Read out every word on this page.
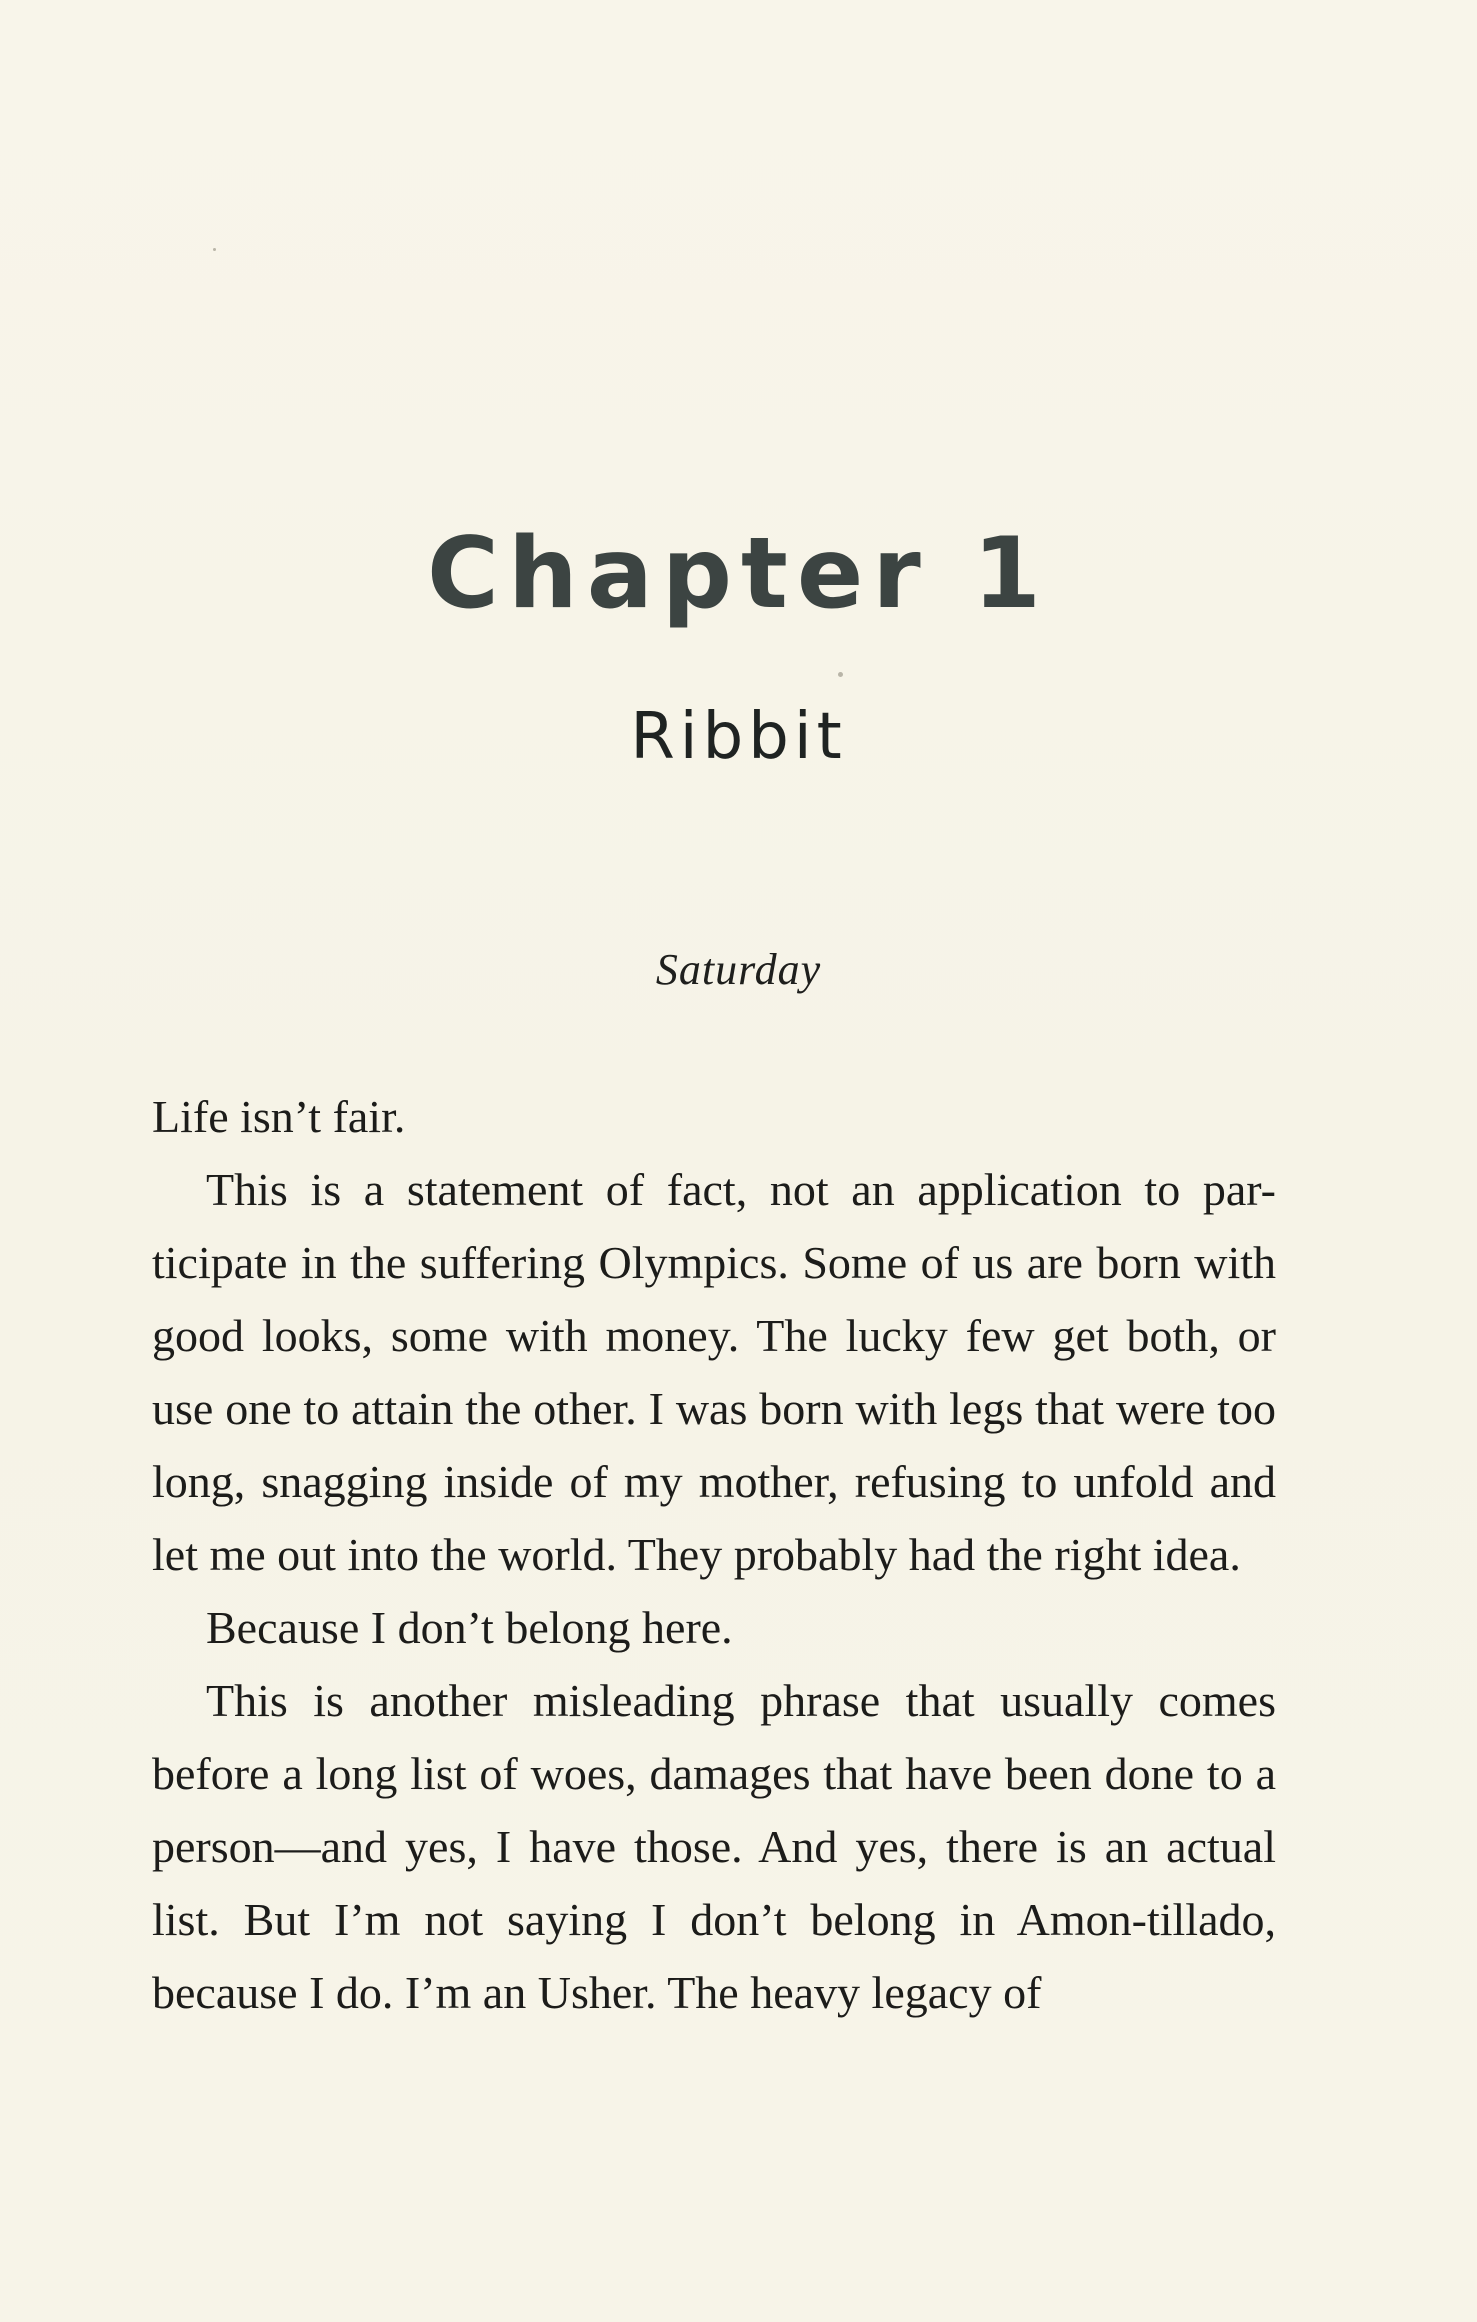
Chapter 1
Ribbit
Saturday

Life isn’t fair.

This is a statement of fact, not an application to par-ticipate in the suffering Olympics. Some of us are born with good looks, some with money. The lucky few get both, or use one to attain the other. I was born with legs that were too long, snagging inside of my mother, refusing to unfold and let me out into the world. They probably had the right idea.

Because I don’t belong here.

This is another misleading phrase that usually comes before a long list of woes, damages that have been done to a person—and yes, I have those. And yes, there is an actual list. But I’m not saying I don’t belong in Amon-tillado, because I do. I’m an Usher. The heavy legacy of
